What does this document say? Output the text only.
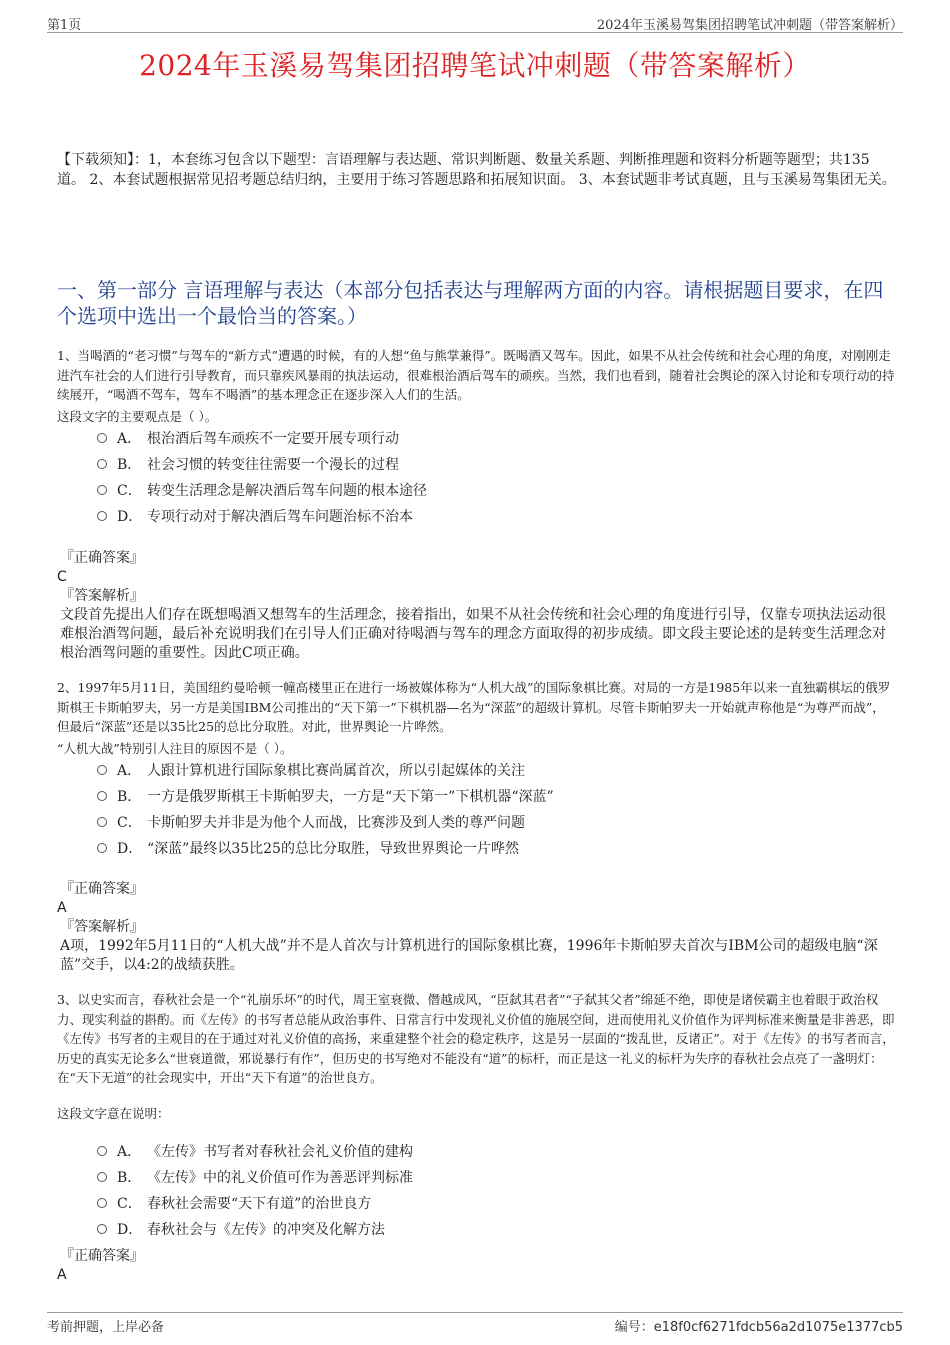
第1页	2024年玉溪易驾集团招聘笔试冲刺题（带答案解析）
2024年玉溪易驾集团招聘笔试冲刺题（带答案解析）
【下载须知】：1，本套练习包含以下题型：言语理解与表达题、常识判断题、数量关系题、判断推理题和资料分析题等题型；共135道。 2、本套试题根据常见招考题总结归纳，主要用于练习答题思路和拓展知识面。 3、本套试题非考试真题，且与玉溪易驾集团无关。
一、第一部分 言语理解与表达（本部分包括表达与理解两方面的内容。请根据题目要求，在四个选项中选出一个最恰当的答案。）

1、当喝酒的“老习惯”与驾车的“新方式”遭遇的时候，有的人想“鱼与熊掌兼得”。既喝酒又驾车。因此，如果不从社会传统和社会心理的角度，对刚刚走进汽车社会的人们进行引导教育，而只靠疾风暴雨的执法运动，很难根治酒后驾车的顽疾。当然，我们也看到，随着社会舆论的深入讨论和专项行动的持续展开，“喝酒不驾车，驾车不喝酒”的基本理念正在逐步深入人们的生活。

这段文字的主要观点是（ ）。

A． 根治酒后驾车顽疾不一定要开展专项行动
B． 社会习惯的转变往往需要一个漫长的过程
C． 转变生活理念是解决酒后驾车问题的根本途径
D． 专项行动对于解决酒后驾车问题治标不治本

『正确答案』

C

『答案解析』

文段首先提出人们存在既想喝酒又想驾车的生活理念，接着指出，如果不从社会传统和社会心理的角度进行引导，仅靠专项执法运动很难根治酒驾问题，最后补充说明我们在引导人们正确对待喝酒与驾车的理念方面取得的初步成绩。即文段主要论述的是转变生活理念对根治酒驾问题的重要性。因此C项正确。

2、1997年5月11日，美国纽约曼哈顿一幢高楼里正在进行一场被媒体称为“人机大战”的国际象棋比赛。对局的一方是1985年以来一直独霸棋坛的俄罗斯棋王卡斯帕罗夫，另一方是美国IBM公司推出的“天下第一”下棋机器—名为“深蓝”的超级计算机。尽管卡斯帕罗夫一开始就声称他是“为尊严而战”，但最后“深蓝”还是以35比25的总比分取胜。对此，世界舆论一片哗然。

“人机大战”特别引人注目的原因不是（ ）。

A． 人跟计算机进行国际象棋比赛尚属首次，所以引起媒体的关注
B． 一方是俄罗斯棋王卡斯帕罗夫，一方是“天下第一”下棋机器“深蓝”
C． 卡斯帕罗夫并非是为他个人而战，比赛涉及到人类的尊严问题
D． “深蓝”最终以35比25的总比分取胜，导致世界舆论一片哗然

『正确答案』

A

『答案解析』

A项，1992年5月11日的“人机大战”并不是人首次与计算机进行的国际象棋比赛，1996年卡斯帕罗夫首次与IBM公司的超级电脑“深蓝”交手，以4:2的战绩获胜。

3、以史实而言，春秋社会是一个“礼崩乐坏”的时代，周王室衰微、僭越成风，“臣弑其君者”“子弑其父者”绵延不绝，即使是诸侯霸主也着眼于政治权力、现实利益的斟酌。而《左传》的书写者总能从政治事件、日常言行中发现礼义价值的施展空间，进而使用礼义价值作为评判标准来衡量是非善恶，即《左传》书写者的主观目的在于通过对礼义价值的高扬，来重建整个社会的稳定秩序，这是另一层面的“拨乱世，反诸正”。对于《左传》的书写者而言，历史的真实无论多么“世衰道微，邪说暴行有作”，但历史的书写绝对不能没有“道”的标杆，而正是这一礼义的标杆为失序的春秋社会点亮了一盏明灯：在“天下无道”的社会现实中，开出“天下有道”的治世良方。

这段文字意在说明：

A． 《左传》书写者对春秋社会礼义价值的建构
B． 《左传》中的礼义价值可作为善恶评判标准
C． 春秋社会需要“天下有道”的治世良方
D． 春秋社会与《左传》的冲突及化解方法

『正确答案』

A

考前押题，上岸必备	编号：e18f0cf6271fdcb56a2d1075e1377cb5
